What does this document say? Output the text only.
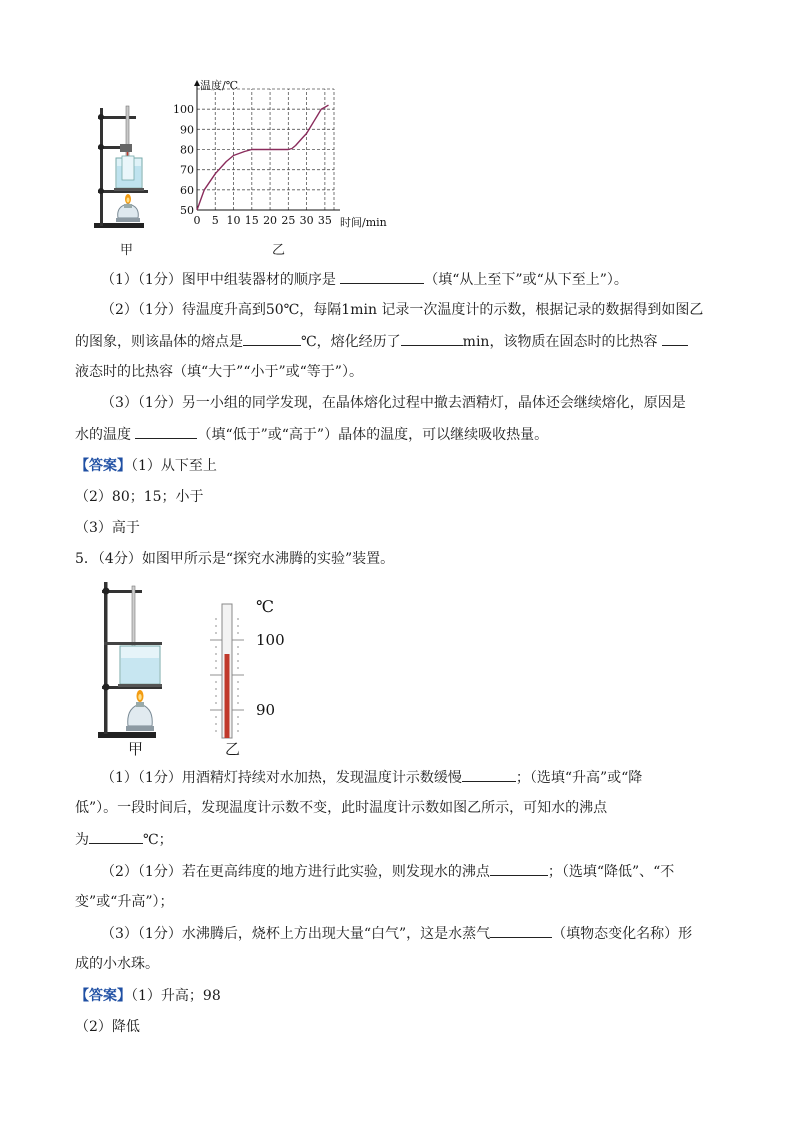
甲
温度/℃
时间/min
0 5 10 15 20 25 30 35
50
60
70
80
90
100
乙
（1）（1分）图甲中组装器材的顺序是	（填“从上至下”或“从下至上”）。
（2）（1分）待温度升高到50℃，每隔1min 记录一次温度计的示数，根据记录的数据得到如图乙
的图象，则该晶体的熔点是	℃，熔化经历了	min，该物质在固态时的比热容
液态时的比热容（填“大于”“小于”或“等于”）。
（3）（1分）另一小组的同学发现，在晶体熔化过程中撤去酒精灯，晶体还会继续熔化，原因是
水的温度	（填“低于”或“高于”）晶体的温度，可以继续吸收热量。
【答案】（1）从下至上
（2）80；15；小于
（3）高于
5．（4分）如图甲所示是“探究水沸腾的实验”装置。
甲
℃
100
90
乙
（1）（1分）用酒精灯持续对水加热，发现温度计示数缓慢	；（选填“升高”或“降
低”）。一段时间后，发现温度计示数不变，此时温度计示数如图乙所示，可知水的沸点
为	℃；
（2）（1分）若在更高纬度的地方进行此实验，则发现水的沸点	；（选填“降低”、“不
变”或“升高”）；
（3）（1分）水沸腾后，烧杯上方出现大量“白气”，这是水蒸气	（填物态变化名称）形
成的小水珠。
【答案】（1）升高；98
（2）降低
